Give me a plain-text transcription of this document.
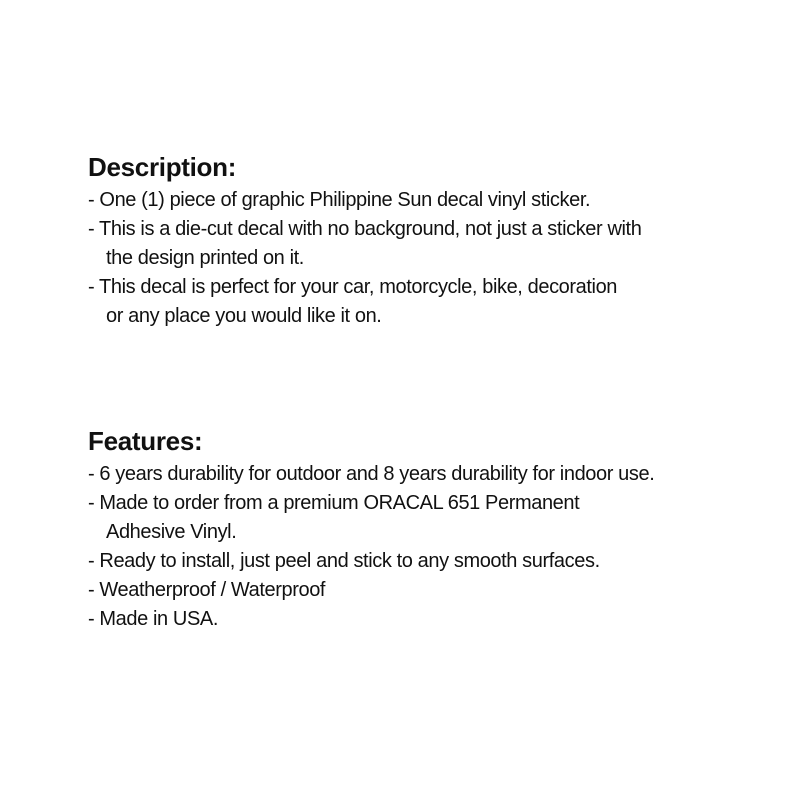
Description:
- One (1) piece of graphic Philippine Sun decal vinyl sticker.
- This is a die-cut decal with no background, not just a sticker with
the design printed on it.
- This decal is perfect for your car, motorcycle, bike, decoration
or any place you would like it on.
Features:
- 6 years durability for outdoor and 8 years durability for indoor use.
- Made to order from a premium ORACAL 651 Permanent
Adhesive Vinyl.
- Ready to install, just peel and stick to any smooth surfaces.
- Weatherproof / Waterproof
- Made in USA.
